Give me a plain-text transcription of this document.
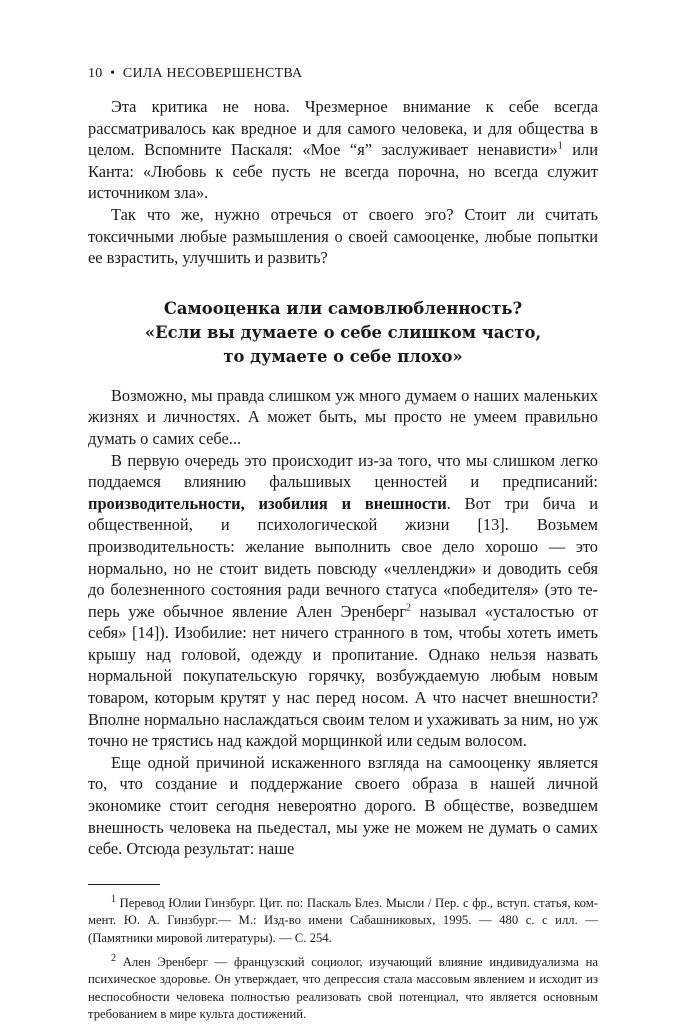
10 • СИЛА НЕСОВЕРШЕНСТВА

Эта критика не нова. Чрезмерное внимание к себе всегда рассматривалось как вредное и для самого человека, и для общества в целом. Вспомните Паскаля: «Мое “я” заслуживает ненависти»$^1$ или Канта: «Любовь к себе пусть не всегда порочна, но всегда служит источником зла».

Так что же, нужно отречься от своего эго? Стоит ли считать токсичными любые размышления о своей самооценке, любые попытки ее взрастить, улучшить и развить?

Самооценка или самовлюбленность?
«Если вы думаете о себе слишком часто,
то думаете о себе плохо»

Возможно, мы правда слишком уж много думаем о наших маленьких жизнях и личностях. А может быть, мы просто не умеем правильно думать о самих себе...

В первую очередь это происходит из-за того, что мы слишком легко поддаемся влиянию фальшивых ценностей и предписаний: производительности, изобилия и внешности. Вот три бича и общественной, и психологической жизни [13]. Возьмем производительность: желание выполнить свое дело хорошо — это нормально, но не стоит видеть повсюду «челленджи» и доводить себя до болезненного состояния ради вечного статуса «победителя» (это теперь уже обычное явление Ален Эренберг$^2$ называл «усталостью от себя» [14]). Изобилие: нет ничего странного в том, чтобы хотеть иметь крышу над головой, одежду и пропитание. Однако нельзя назвать нормальной покупательскую горячку, возбуждаемую любым новым товаром, которым крутят у нас перед носом. А что насчет внешности? Вполне нормально наслаждаться своим телом и ухаживать за ним, но уж точно не трястись над каждой морщинкой или седым волосом.

Еще одной причиной искаженного взгляда на самооценку является то, что создание и поддержание своего образа в нашей личной экономике стоит сегодня невероятно дорого. В обществе, возведшем внешность человека на пьедестал, мы уже не можем не думать о самих себе. Отсюда результат: наше

$^1$ Перевод Юлии Гинзбург. Цит. по: Паскаль Блез. Мысли / Пер. с фр., вступ. статья, коммент. Ю. А. Гинзбург.— М.: Изд-во имени Сабашниковых, 1995. — 480 с. с илл. — (Памятники мировой литературы). — С. 254.

$^2$ Ален Эренберг — французский социолог, изучающий влияние индивидуализма на психическое здоровье. Он утверждает, что депрессия стала массовым явлением и исходит из неспособности человека полностью реализовать свой потенциал, что является основным требованием в мире культа достижений.
